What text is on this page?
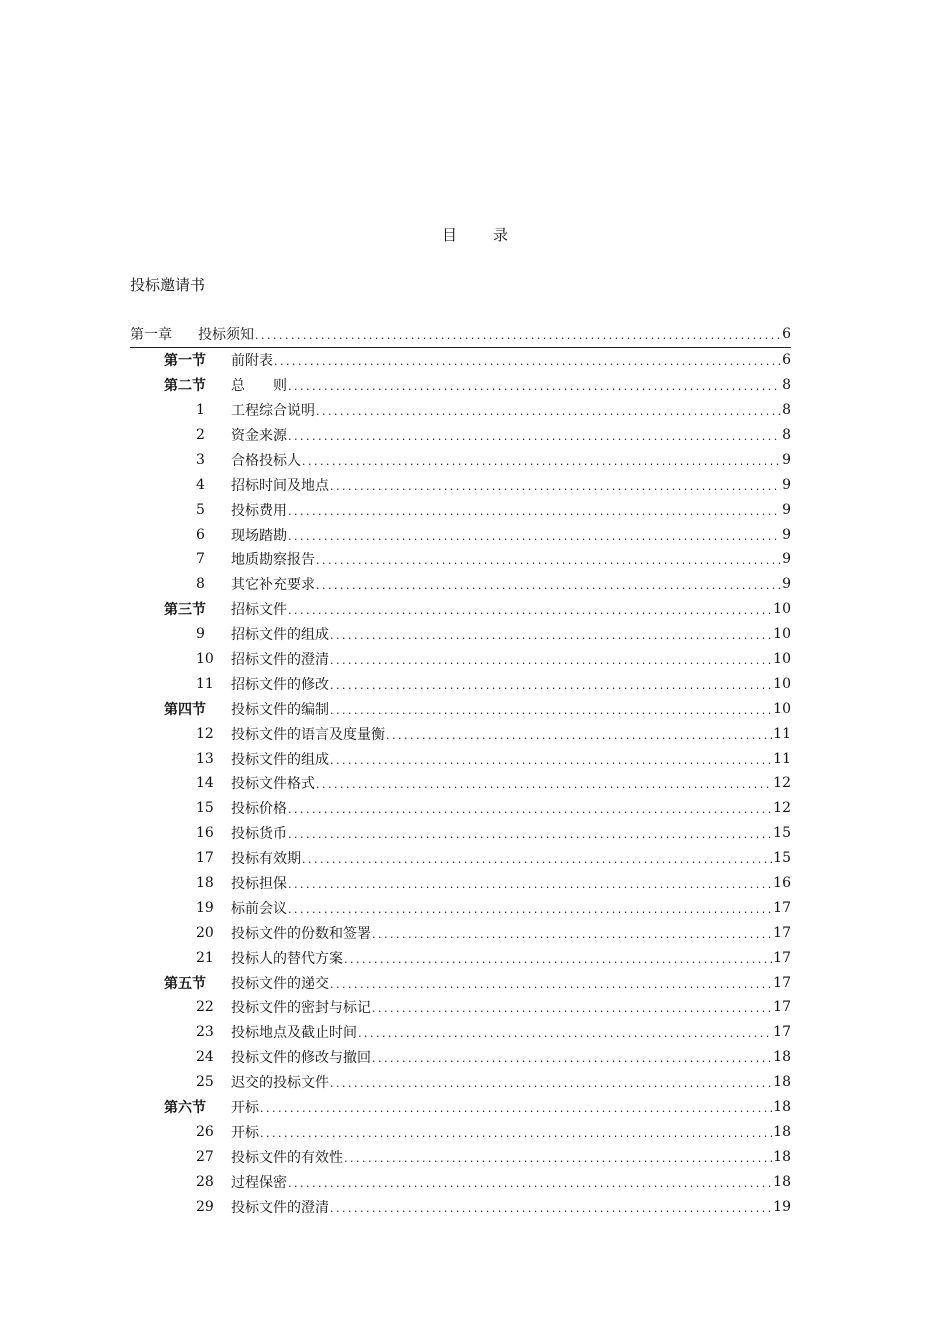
目 录
投标邀请书
第一章	投标须知 .....	6
第一节	前附表 .....	6
第二节	总　　则 .....	8
1	工程综合说明 .....	8
2	资金来源 .....	8
3	合格投标人 .....	9
4	招标时间及地点 .....	9
5	投标费用 .....	9
6	现场踏勘 .....	9
7	地质勘察报告 .....	9
8	其它补充要求 .....	9
第三节	招标文件 .....	10
9	招标文件的组成 .....	10
10	招标文件的澄清 .....	10
11	招标文件的修改 .....	10
第四节	投标文件的编制 .....	10
12	投标文件的语言及度量衡 .....	11
13	投标文件的组成 .....	11
14	投标文件格式 .....	12
15	投标价格 .....	12
16	投标货币 .....	15
17	投标有效期 .....	15
18	投标担保 .....	16
19	标前会议 .....	17
20	投标文件的份数和签署 .....	17
21	投标人的替代方案 .....	17
第五节	投标文件的递交 .....	17
22	投标文件的密封与标记 .....	17
23	投标地点及截止时间 .....	17
24	投标文件的修改与撤回 .....	18
25	迟交的投标文件 .....	18
第六节	开标 .....	18
26	开标 .....	18
27	投标文件的有效性 .....	18
28	过程保密 .....	18
29	投标文件的澄清 .....	19
